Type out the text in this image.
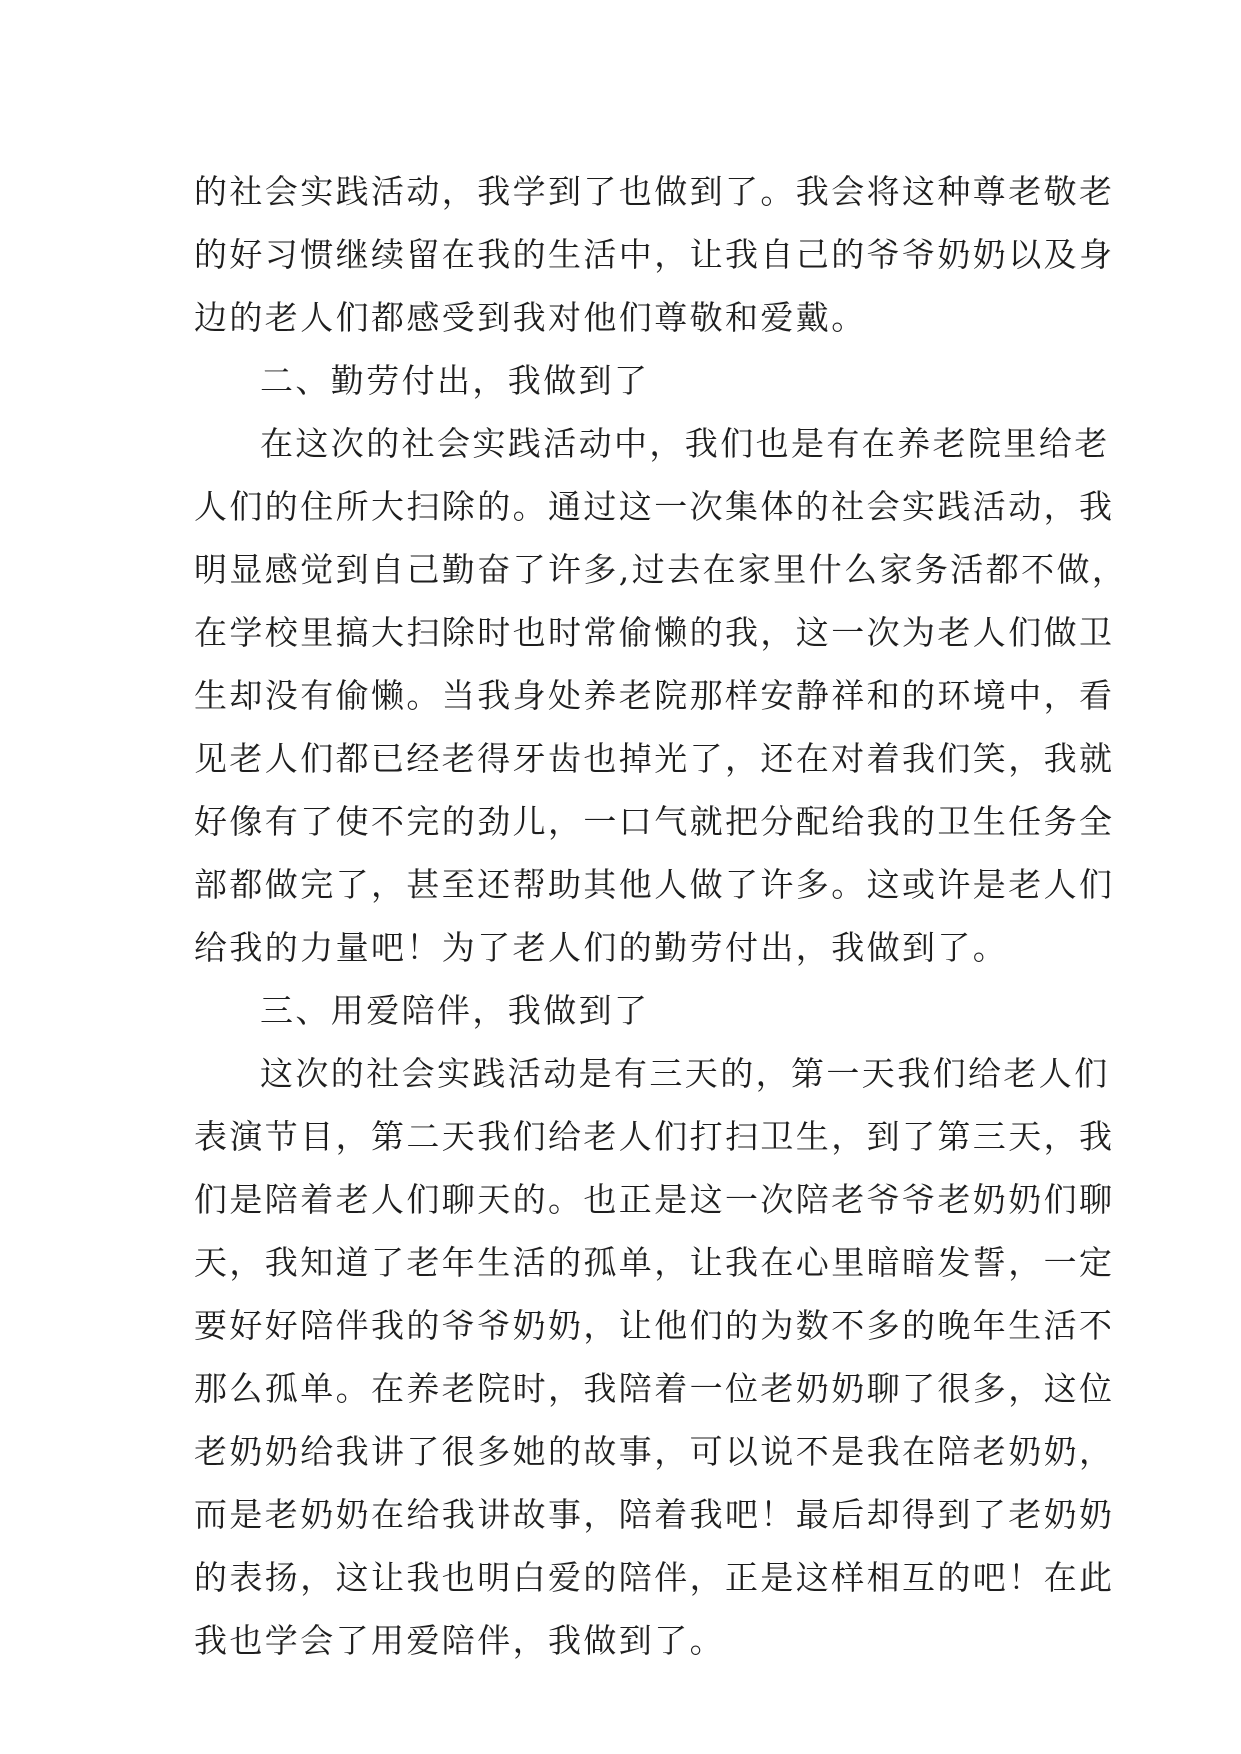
的社会实践活动，我学到了也做到了。我会将这种尊老敬老
的好习惯继续留在我的生活中，让我自己的爷爷奶奶以及身
边的老人们都感受到我对他们尊敬和爱戴。
二、勤劳付出，我做到了
在这次的社会实践活动中，我们也是有在养老院里给老
人们的住所大扫除的。通过这一次集体的社会实践活动，我
明显感觉到自己勤奋了许多,过去在家里什么家务活都不做，
在学校里搞大扫除时也时常偷懒的我，这一次为老人们做卫
生却没有偷懒。当我身处养老院那样安静祥和的环境中，看
见老人们都已经老得牙齿也掉光了，还在对着我们笑，我就
好像有了使不完的劲儿，一口气就把分配给我的卫生任务全
部都做完了，甚至还帮助其他人做了许多。这或许是老人们
给我的力量吧！为了老人们的勤劳付出，我做到了。
三、用爱陪伴，我做到了
这次的社会实践活动是有三天的，第一天我们给老人们
表演节目，第二天我们给老人们打扫卫生，到了第三天，我
们是陪着老人们聊天的。也正是这一次陪老爷爷老奶奶们聊
天，我知道了老年生活的孤单，让我在心里暗暗发誓，一定
要好好陪伴我的爷爷奶奶，让他们的为数不多的晚年生活不
那么孤单。在养老院时，我陪着一位老奶奶聊了很多，这位
老奶奶给我讲了很多她的故事，可以说不是我在陪老奶奶，
而是老奶奶在给我讲故事，陪着我吧！最后却得到了老奶奶
的表扬，这让我也明白爱的陪伴，正是这样相互的吧！在此
我也学会了用爱陪伴，我做到了。
